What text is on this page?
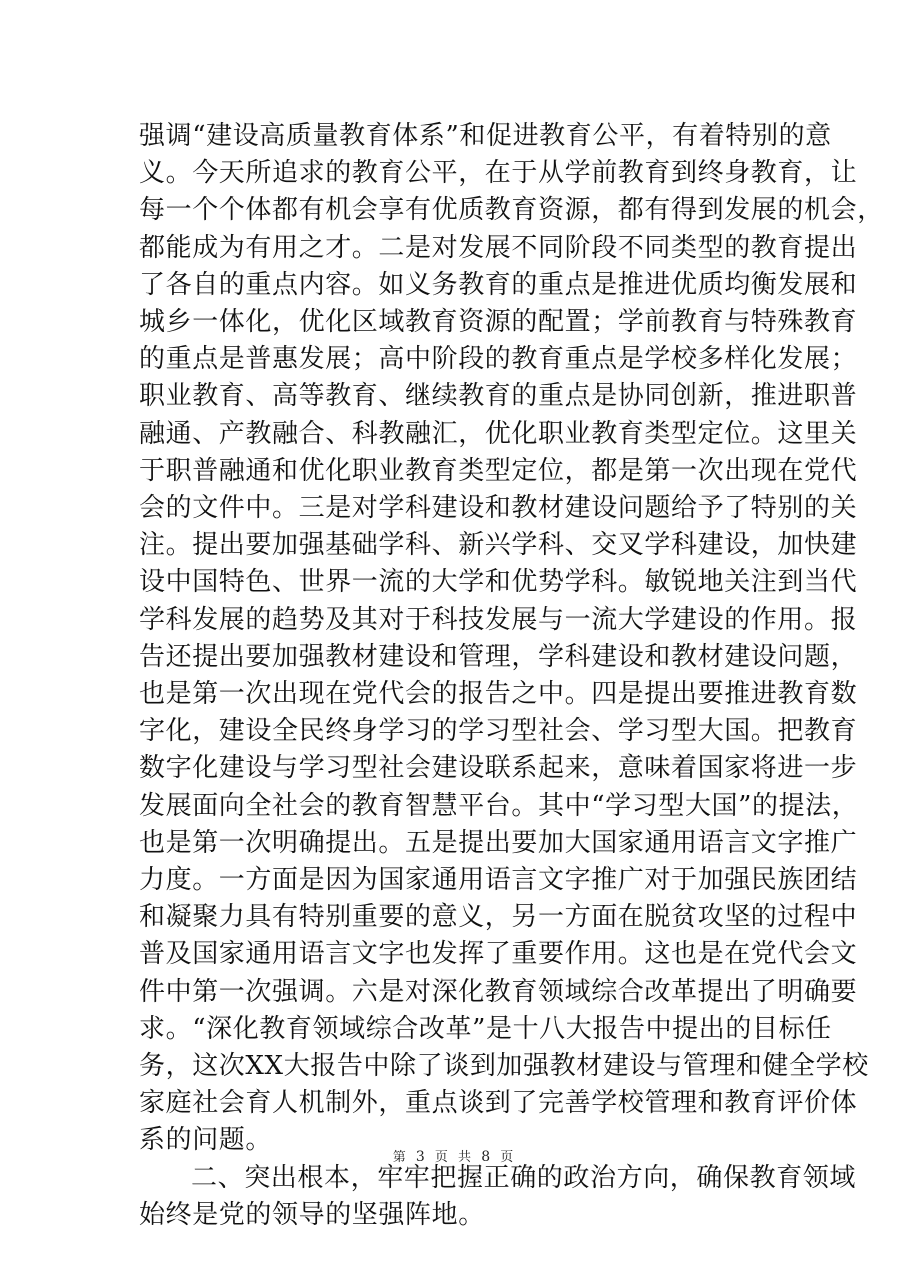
强调“建设高质量教育体系”和促进教育公平，有着特别的意
义。今天所追求的教育公平，在于从学前教育到终身教育，让
每一个个体都有机会享有优质教育资源，都有得到发展的机会，
都能成为有用之才。二是对发展不同阶段不同类型的教育提出
了各自的重点内容。如义务教育的重点是推进优质均衡发展和
城乡一体化，优化区域教育资源的配置；学前教育与特殊教育
的重点是普惠发展；高中阶段的教育重点是学校多样化发展；
职业教育、高等教育、继续教育的重点是协同创新，推进职普
融通、产教融合、科教融汇，优化职业教育类型定位。这里关
于职普融通和优化职业教育类型定位，都是第一次出现在党代
会的文件中。三是对学科建设和教材建设问题给予了特别的关
注。提出要加强基础学科、新兴学科、交叉学科建设，加快建
设中国特色、世界一流的大学和优势学科。敏锐地关注到当代
学科发展的趋势及其对于科技发展与一流大学建设的作用。报
告还提出要加强教材建设和管理，学科建设和教材建设问题，
也是第一次出现在党代会的报告之中。四是提出要推进教育数
字化，建设全民终身学习的学习型社会、学习型大国。把教育
数字化建设与学习型社会建设联系起来，意味着国家将进一步
发展面向全社会的教育智慧平台。其中“学习型大国”的提法，
也是第一次明确提出。五是提出要加大国家通用语言文字推广
力度。一方面是因为国家通用语言文字推广对于加强民族团结
和凝聚力具有特别重要的意义，另一方面在脱贫攻坚的过程中
普及国家通用语言文字也发挥了重要作用。这也是在党代会文
件中第一次强调。六是对深化教育领域综合改革提出了明确要
求。“深化教育领域综合改革”是十八大报告中提出的目标任
务，这次XX大报告中除了谈到加强教材建设与管理和健全学校
家庭社会育人机制外，重点谈到了完善学校管理和教育评价体
系的问题。

二、突出根本，牢牢把握正确的政治方向，确保教育领域
始终是党的领导的坚强阵地。

第 3 页 共 8 页
